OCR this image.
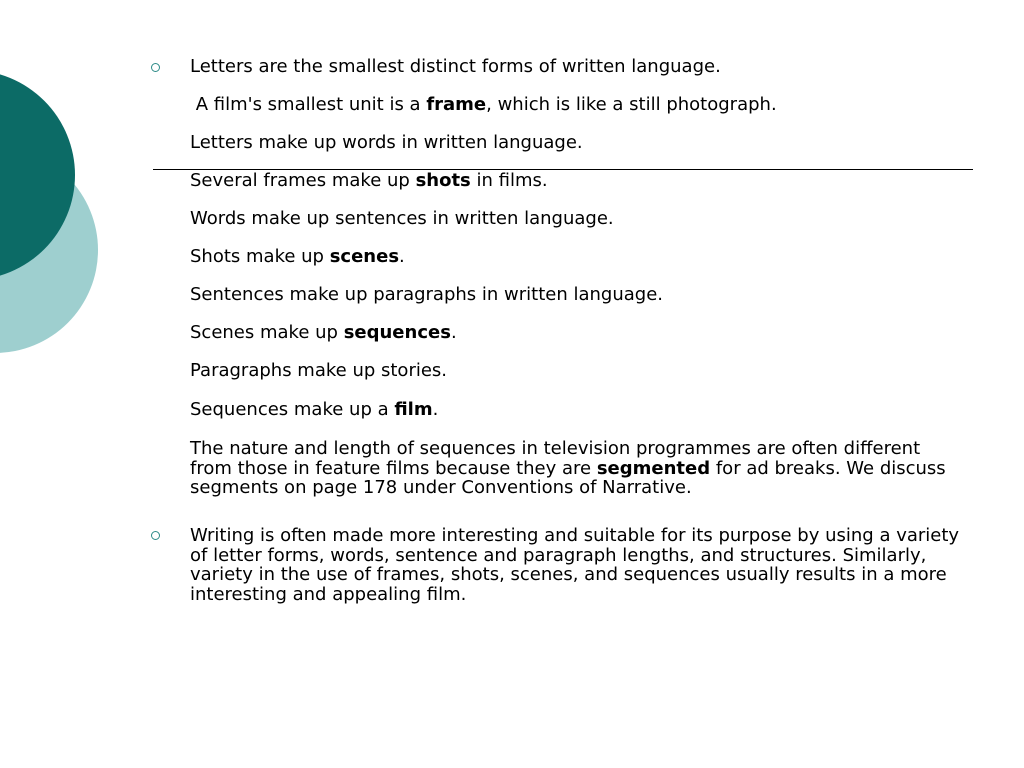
Letters are the smallest distinct forms of written language.
A film's smallest unit is a frame, which is like a still photograph.
Letters make up words in written language.
Several frames make up shots in films.
Words make up sentences in written language.
Shots make up scenes.
Sentences make up paragraphs in written language.
Scenes make up sequences.
Paragraphs make up stories.
Sequences make up a film.
The nature and length of sequences in television programmes are often different from those in feature films because they are segmented for ad breaks. We discuss segments on page 178 under Conventions of Narrative.
Writing is often made more interesting and suitable for its purpose by using a variety of letter forms, words, sentence and paragraph lengths, and structures. Similarly, variety in the use of frames, shots, scenes, and sequences usually results in a more interesting and appealing film.
